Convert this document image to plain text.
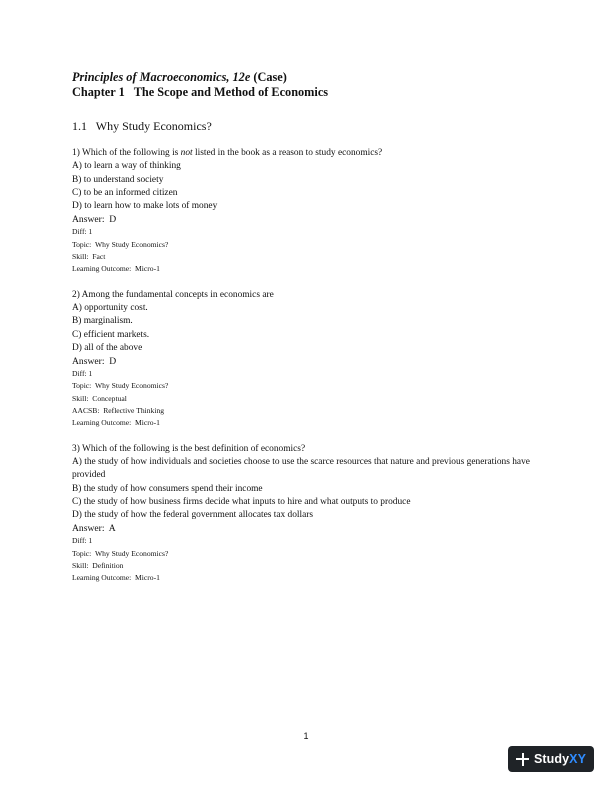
Principles of Macroeconomics, 12e (Case)
Chapter 1   The Scope and Method of Economics
1.1   Why Study Economics?
1) Which of the following is not listed in the book as a reason to study economics?
A) to learn a way of thinking
B) to understand society
C) to be an informed citizen
D) to learn how to make lots of money
Answer:  D
Diff: 1
Topic:  Why Study Economics?
Skill:  Fact
Learning Outcome:  Micro-1
2) Among the fundamental concepts in economics are
A) opportunity cost.
B) marginalism.
C) efficient markets.
D) all of the above
Answer:  D
Diff: 1
Topic:  Why Study Economics?
Skill:  Conceptual
AACSB:  Reflective Thinking
Learning Outcome:  Micro-1
3) Which of the following is the best definition of economics?
A) the study of how individuals and societies choose to use the scarce resources that nature and previous generations have provided
B) the study of how consumers spend their income
C) the study of how business firms decide what inputs to hire and what outputs to produce
D) the study of how the federal government allocates tax dollars
Answer:  A
Diff: 1
Topic:  Why Study Economics?
Skill:  Definition
Learning Outcome:  Micro-1
1
StudyXY
